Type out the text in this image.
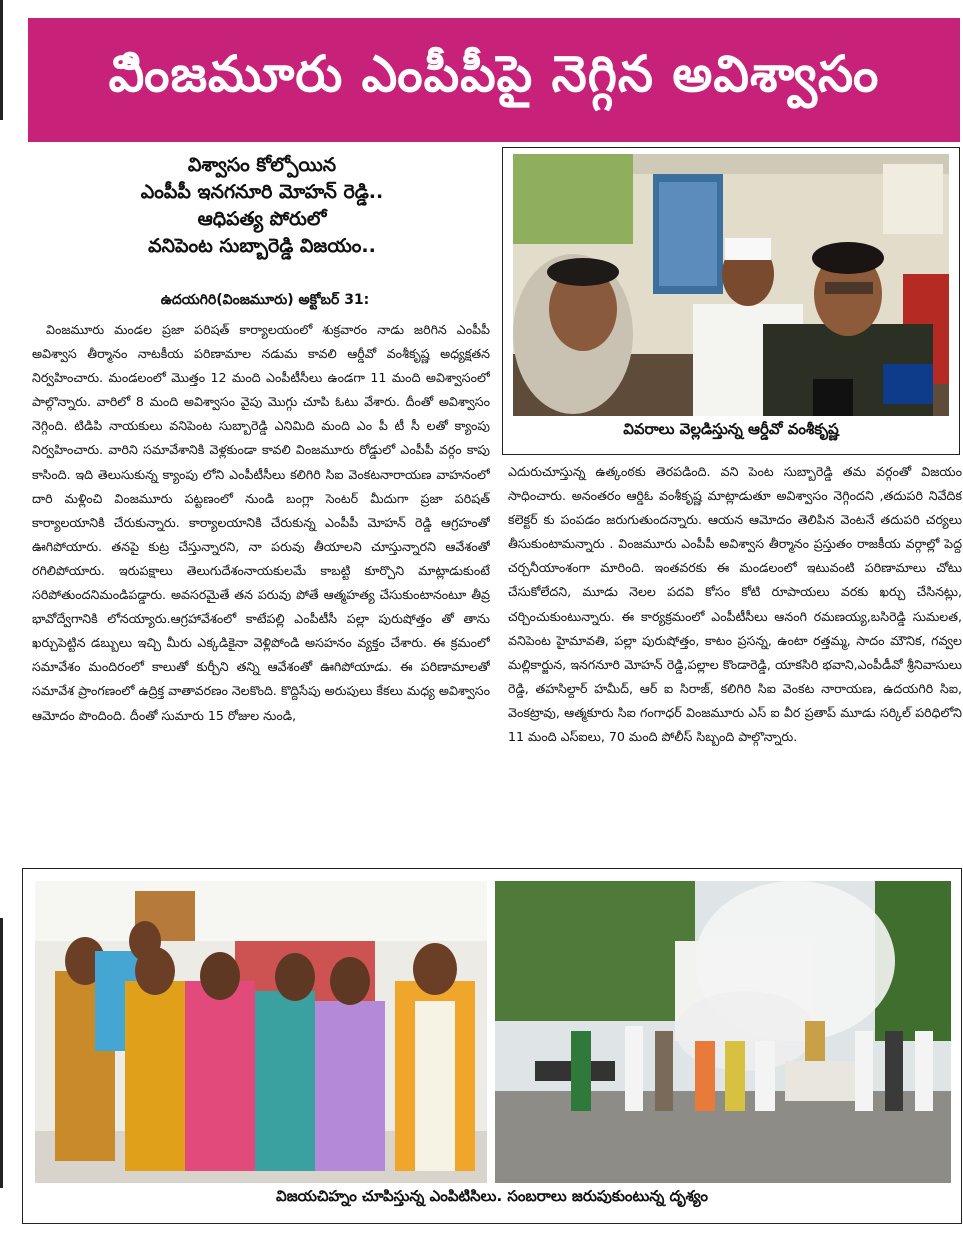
విింజమూరు ఎంపీపీపై నెగ్గిన అవిశ్వాసం
విశ్వాసం కోల్పోయిన
ఎంపీపీ ఇనగనూరి మోహన్ రెడ్డి..
ఆధిపత్య పోరులో
వనిపెంట సుబ్బారెడ్డి విజయం..
ఉదయగిరి(వింజమూరు) అక్టోబర్ 31:
వింజమూరు మండల ప్రజా పరిషత్ కార్యాలయంలో శుక్రవారం నాడు జరిగిన ఎంపీపీ అవిశ్వాస తీర్మానం నాటకీయ పరిణామాల నడుమ కావలి ఆర్డీవో వంశీకృష్ణ అధ్యక్షతన నిర్వహించారు. మండలంలో మొత్తం 12 మంది ఎంపీటీసీలు ఉండగా 11 మంది అవిశ్వాసంలో పాల్గొన్నారు. వారిలో 8 మంది అవిశ్వాసం వైపు మొగ్గు చూపి ఓటు వేశారు. దీంతో అవిశ్వాసం నెగ్గింది. టిడిపి నాయకులు వనిపెంట సుబ్బారెడ్డి ఎనిమిది మంది ఎం పీ టీ సీ లతో క్యాంపు నిర్వహించారు. వారిని సమావేశానికి వెళ్లకుండా కావలి వింజమూరు రోడ్డులో ఎంపీపీ వర్గం కాపు కాసింది. ఇది తెలుసుకున్న క్యాంపు లోని ఎంపీటీసీలు కలిగిరి సిఐ వెంకటనారాయణ వాహనంలో దారి మళ్లించి వింజమూరు పట్టణంలో నుండి బంగ్లా సెంటర్ మీదుగా ప్రజా పరిషత్ కార్యాలయానికి చేరుకున్నారు. కార్యాలయానికి చేరుకున్న ఎంపీపీ మోహన్ రెడ్డి ఆగ్రహంతో ఊగిపోయారు. తనపై కుట్ర చేస్తున్నారని, నా పరువు తీయాలని చూస్తున్నారని ఆవేశంతో రగిలిపోయారు. ఇరుపక్షాలు తెలుగుదేశంనాయకులమే కాబట్టి కూర్చొని మాట్లాడుకుంటే సరిపోతుందనిమండిపడ్డారు. అవసరమైతే తన పరువు పోతే ఆత్మహత్య చేసుకుంటానంటూ తీవ్ర భావోద్వేగానికి లోనయ్యారు.ఆగ్రహావేశంలో కాటేపల్లి ఎంపీటీసీ పల్లా పురుషోత్తం తో తాను ఖర్చుపెట్టిన డబ్బులు ఇచ్చి మీరు ఎక్కడికైనా వెళ్లిపోండి అసహనం వ్యక్తం చేశారు. ఈ క్రమంలో సమావేశం మందిరంలో కాలుతో కుర్చీని తన్ని ఆవేశంతో ఊగిపోయాడు. ఈ పరిణామాలతో సమావేశ ప్రాంగణంలో ఉద్రిక్త వాతావరణం నెలకొంది. కొద్దిసేపు అరుపులు కేకలు మధ్య అవిశ్వాసం ఆమోదం పొందింది. దీంతో సుమారు 15 రోజుల నుండి,
వివరాలు వెల్లడిస్తున్న ఆర్డీవో వంశీకృష్ణ
ఎదురుచూస్తున్న ఉత్కంఠకు తెరపడింది. వని పెంట సుబ్బారెడ్డి తమ వర్గంతో విజయం సాధించారు. అనంతరం ఆర్డిఓ వంశీకృష్ణ మాట్లాడుతూ అవిశ్వాసం నెగ్గిందని ,తదుపరి నివేదిక కలెక్టర్ కు పంపడం జరుగుతుందన్నారు. ఆయన ఆమోదం తెలిపిన వెంటనే తదుపరి చర్యలు తీసుకుంటామన్నారు . వింజమూరు ఎంపీపీ అవిశ్వాస తీర్మానం ప్రస్తుతం రాజకీయ వర్గాల్లో పెద్ద చర్చనీయాంశంగా మారింది. ఇంతవరకు ఈ మండలంలో ఇటువంటి పరిణామాలు చోటు చేసుకోలేదని, మూడు నెలల పదవి కోసం కోటి రూపాయలు వరకు ఖర్చు చేసినట్లు, చర్చించుకుంటున్నారు. ఈ కార్యక్రమంలో ఎంపీటీసీలు ఆనంగి రమణయ్య,బసిరెడ్డి సుమలత, వనిపెంట హైమావతి, పల్లా పురుషోత్తం, కాటం ప్రసన్న, ఉంటా రత్తమ్మ, సాదం మౌనిక, గవ్వల మల్లికార్జున, ఇనగనూరి మోహన్ రెడ్డి,పల్లాల కొండారెడ్డి, యాకసిరి భవాని,ఎంపీడీవో శ్రీనివాసులు రెడ్డి, తహసిల్దార్ హమీద్, ఆర్ ఐ సిరాజ్, కలిగిరి సిఐ వెంకట నారాయణ, ఉదయగిరి సిఐ, వెంకట్రావు, ఆత్మకూరు సిఐ గంగాధర్ వింజమూరు ఎస్ ఐ వీర ప్రతాప్ మూడు సర్కిల్ పరిధిలోని 11 మంది ఎస్ఐలు, 70 మంది పోలీస్ సిబ్బంది పాల్గొన్నారు.
విజయచిహ్నం చూపిస్తున్న ఎంపిటిసిలు. సంబరాలు జరుపుకుంటున్న దృశ్యం
